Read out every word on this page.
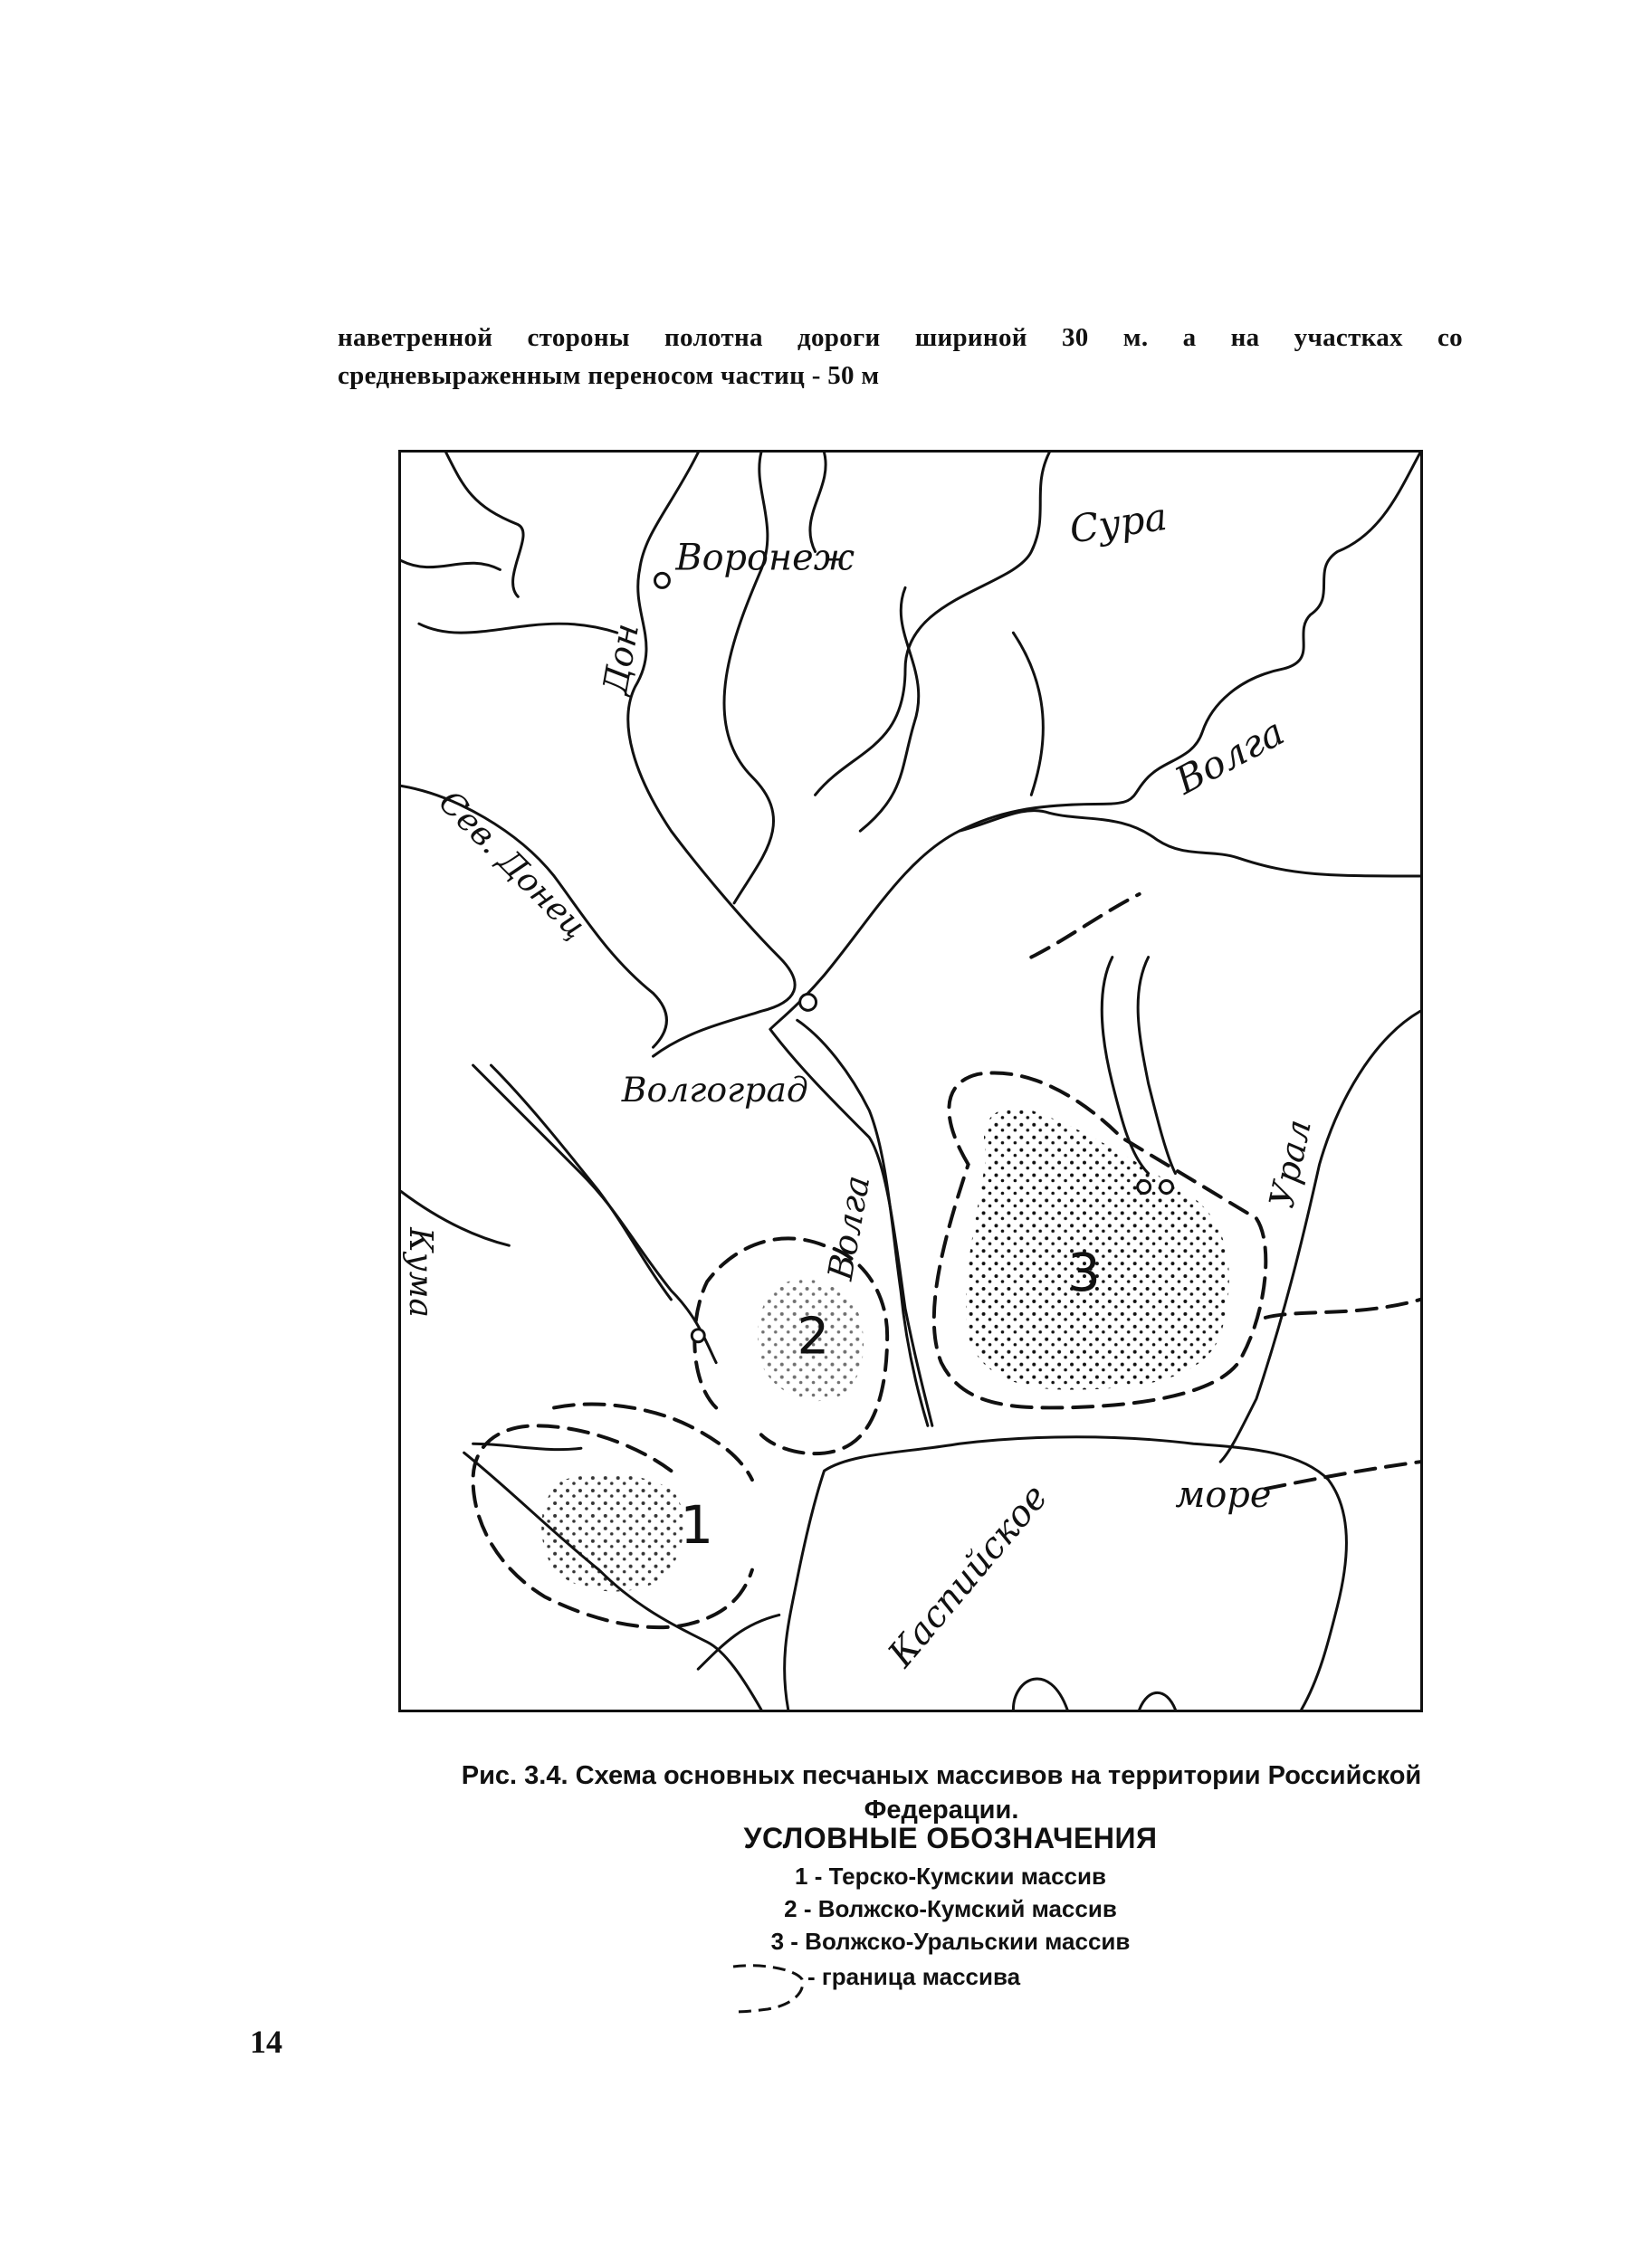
наветренной стороны полотна дороги шириной 30 м. а на участках со
средневыраженным переносом частиц - 50 м
Воронеж
Сура
Дон
Волга
Сев. Донец
Волгоград
Волга
Урал
Кума
Каспийское	море
1
2
3
Рис. 3.4. Схема основных песчаных массивов на территории Российской
Федерации.
УСЛОВНЫЕ ОБОЗНАЧЕНИЯ
1 - Терско-Кумскии массив
2 - Волжско-Кумский массив
3 - Волжско-Уральскии массив
- граница массива
14
